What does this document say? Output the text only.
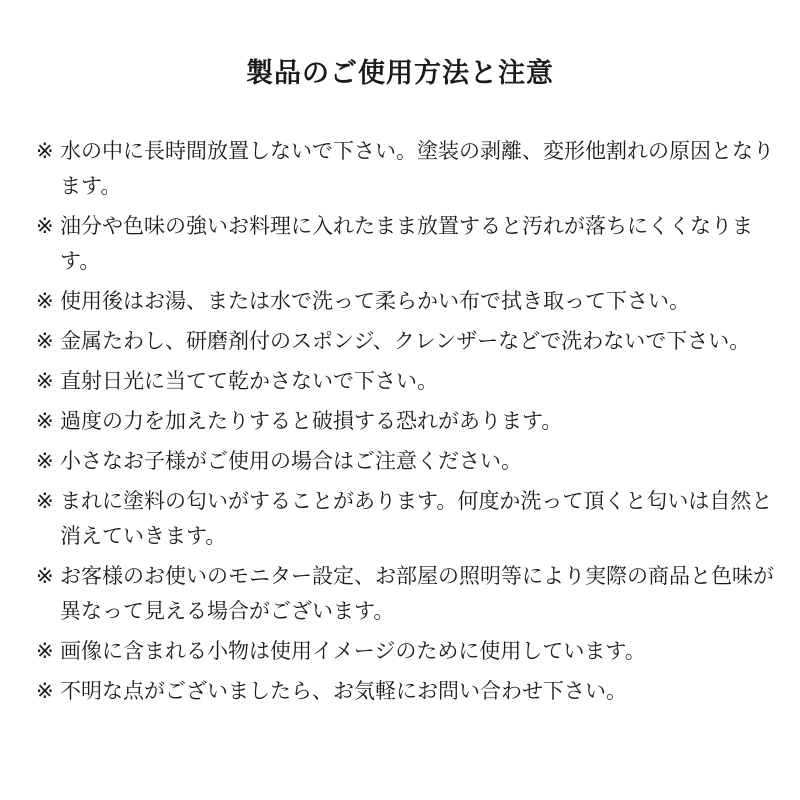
製品のご使用方法と注意
※ 水の中に長時間放置しないで下さい。塗装の剥離、変形他割れの原因となります。
※ 油分や色味の強いお料理に入れたまま放置すると汚れが落ちにくくなります。
※ 使用後はお湯、または水で洗って柔らかい布で拭き取って下さい。
※ 金属たわし、研磨剤付のスポンジ、クレンザーなどで洗わないで下さい。
※ 直射日光に当てて乾かさないで下さい。
※ 過度の力を加えたりすると破損する恐れがあります。
※ 小さなお子様がご使用の場合はご注意ください。
※ まれに塗料の匂いがすることがあります。何度か洗って頂くと匂いは自然と消えていきます。
※ お客様のお使いのモニター設定、お部屋の照明等により実際の商品と色味が異なって見える場合がございます。
※ 画像に含まれる小物は使用イメージのために使用しています。
※ 不明な点がございましたら、お気軽にお問い合わせ下さい。
